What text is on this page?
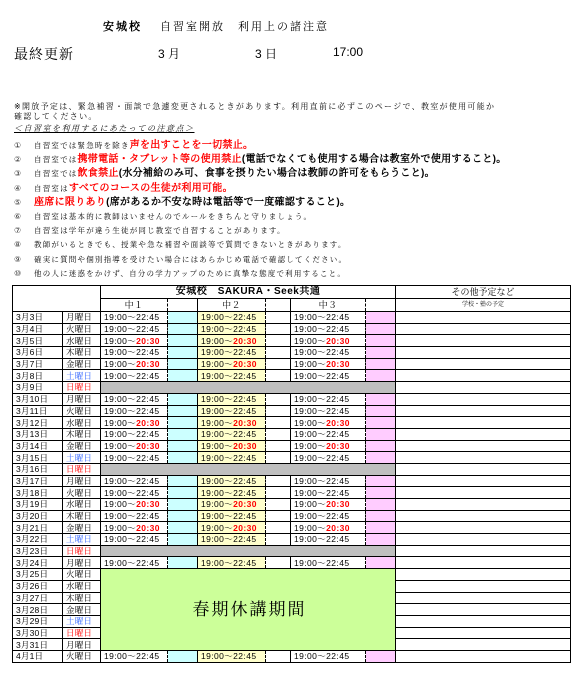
安城校 自習室開放　利用上の諸注意
最終更新	3 月	3 日	17:00
※開放予定は、緊急補習・面談で急遽変更されるときがあります。利用直前に必ずこのページで、教室が使用可能か
確認してください。
＜自習室を利用するにあたっての注意点＞
① 自習室では緊急時を除き声を出すことを一切禁止。
② 自習室では携帯電話・タブレット等の使用禁止(電話でなくても使用する場合は教室外で使用すること)。
③ 自習室では飲食禁止(水分補給のみ可、食事を摂りたい場合は教師の許可をもらうこと)。
④ 自習室はすべてのコースの生徒が利用可能。
⑤ 座席に限りあり(席があるか不安な時は電話等で一度確認すること)。
⑥ 自習室は基本的に教師はいませんのでルールをきちんと守りましょう。
⑦ 自習室は学年が違う生徒が同じ教室で自習することがあります。
⑧ 教師がいるときでも、授業や急な補習や面談等で質問できないときがあります。
⑨ 確実に質問や個別指導を受けたい場合にはあらかじめ電話で確認してください。
⑩ 他の人に迷惑をかけず、自分の学力アップのために真摯な態度で利用すること。
		安城校　SAKURA・Seek共通						その他予定など
		中１		中２		中３		学校・塾の予定
3月3日	月曜日	19:00～22:45		19:00～22:45		19:00～22:45		
3月4日	火曜日	19:00～22:45		19:00～22:45		19:00～22:45		
3月5日	水曜日	19:00～20:30		19:00～20:30		19:00～20:30		
3月6日	木曜日	19:00～22:45		19:00～22:45		19:00～22:45		
3月7日	金曜日	19:00～20:30		19:00～20:30		19:00～20:30		
3月8日	土曜日	19:00～22:45		19:00～22:45		19:00～22:45		
3月9日	日曜日							
3月10日	月曜日	19:00～22:45		19:00～22:45		19:00～22:45		
3月11日	火曜日	19:00～22:45		19:00～22:45		19:00～22:45		
3月12日	水曜日	19:00～20:30		19:00～20:30		19:00～20:30		
3月13日	木曜日	19:00～22:45		19:00～22:45		19:00～22:45		
3月14日	金曜日	19:00～20:30		19:00～20:30		19:00～20:30		
3月15日	土曜日	19:00～22:45		19:00～22:45		19:00～22:45		
3月16日	日曜日							
3月17日	月曜日	19:00～22:45		19:00～22:45		19:00～22:45		
3月18日	火曜日	19:00～22:45		19:00～22:45		19:00～22:45		
3月19日	水曜日	19:00～20:30		19:00～20:30		19:00～20:30		
3月20日	木曜日	19:00～22:45		19:00～22:45		19:00～22:45		
3月21日	金曜日	19:00～20:30		19:00～20:30		19:00～20:30		
3月22日	土曜日	19:00～22:45		19:00～22:45		19:00～22:45		
3月23日	日曜日							
3月24日	月曜日	19:00～22:45		19:00～22:45		19:00～22:45		
3月25日	火曜日	春期休講期間						
3月26日	水曜日							
3月27日	木曜日							
3月28日	金曜日							
3月29日	土曜日							
3月30日	日曜日							
3月31日	月曜日							
4月1日	火曜日	19:00～22:45		19:00～22:45		19:00～22:45		
